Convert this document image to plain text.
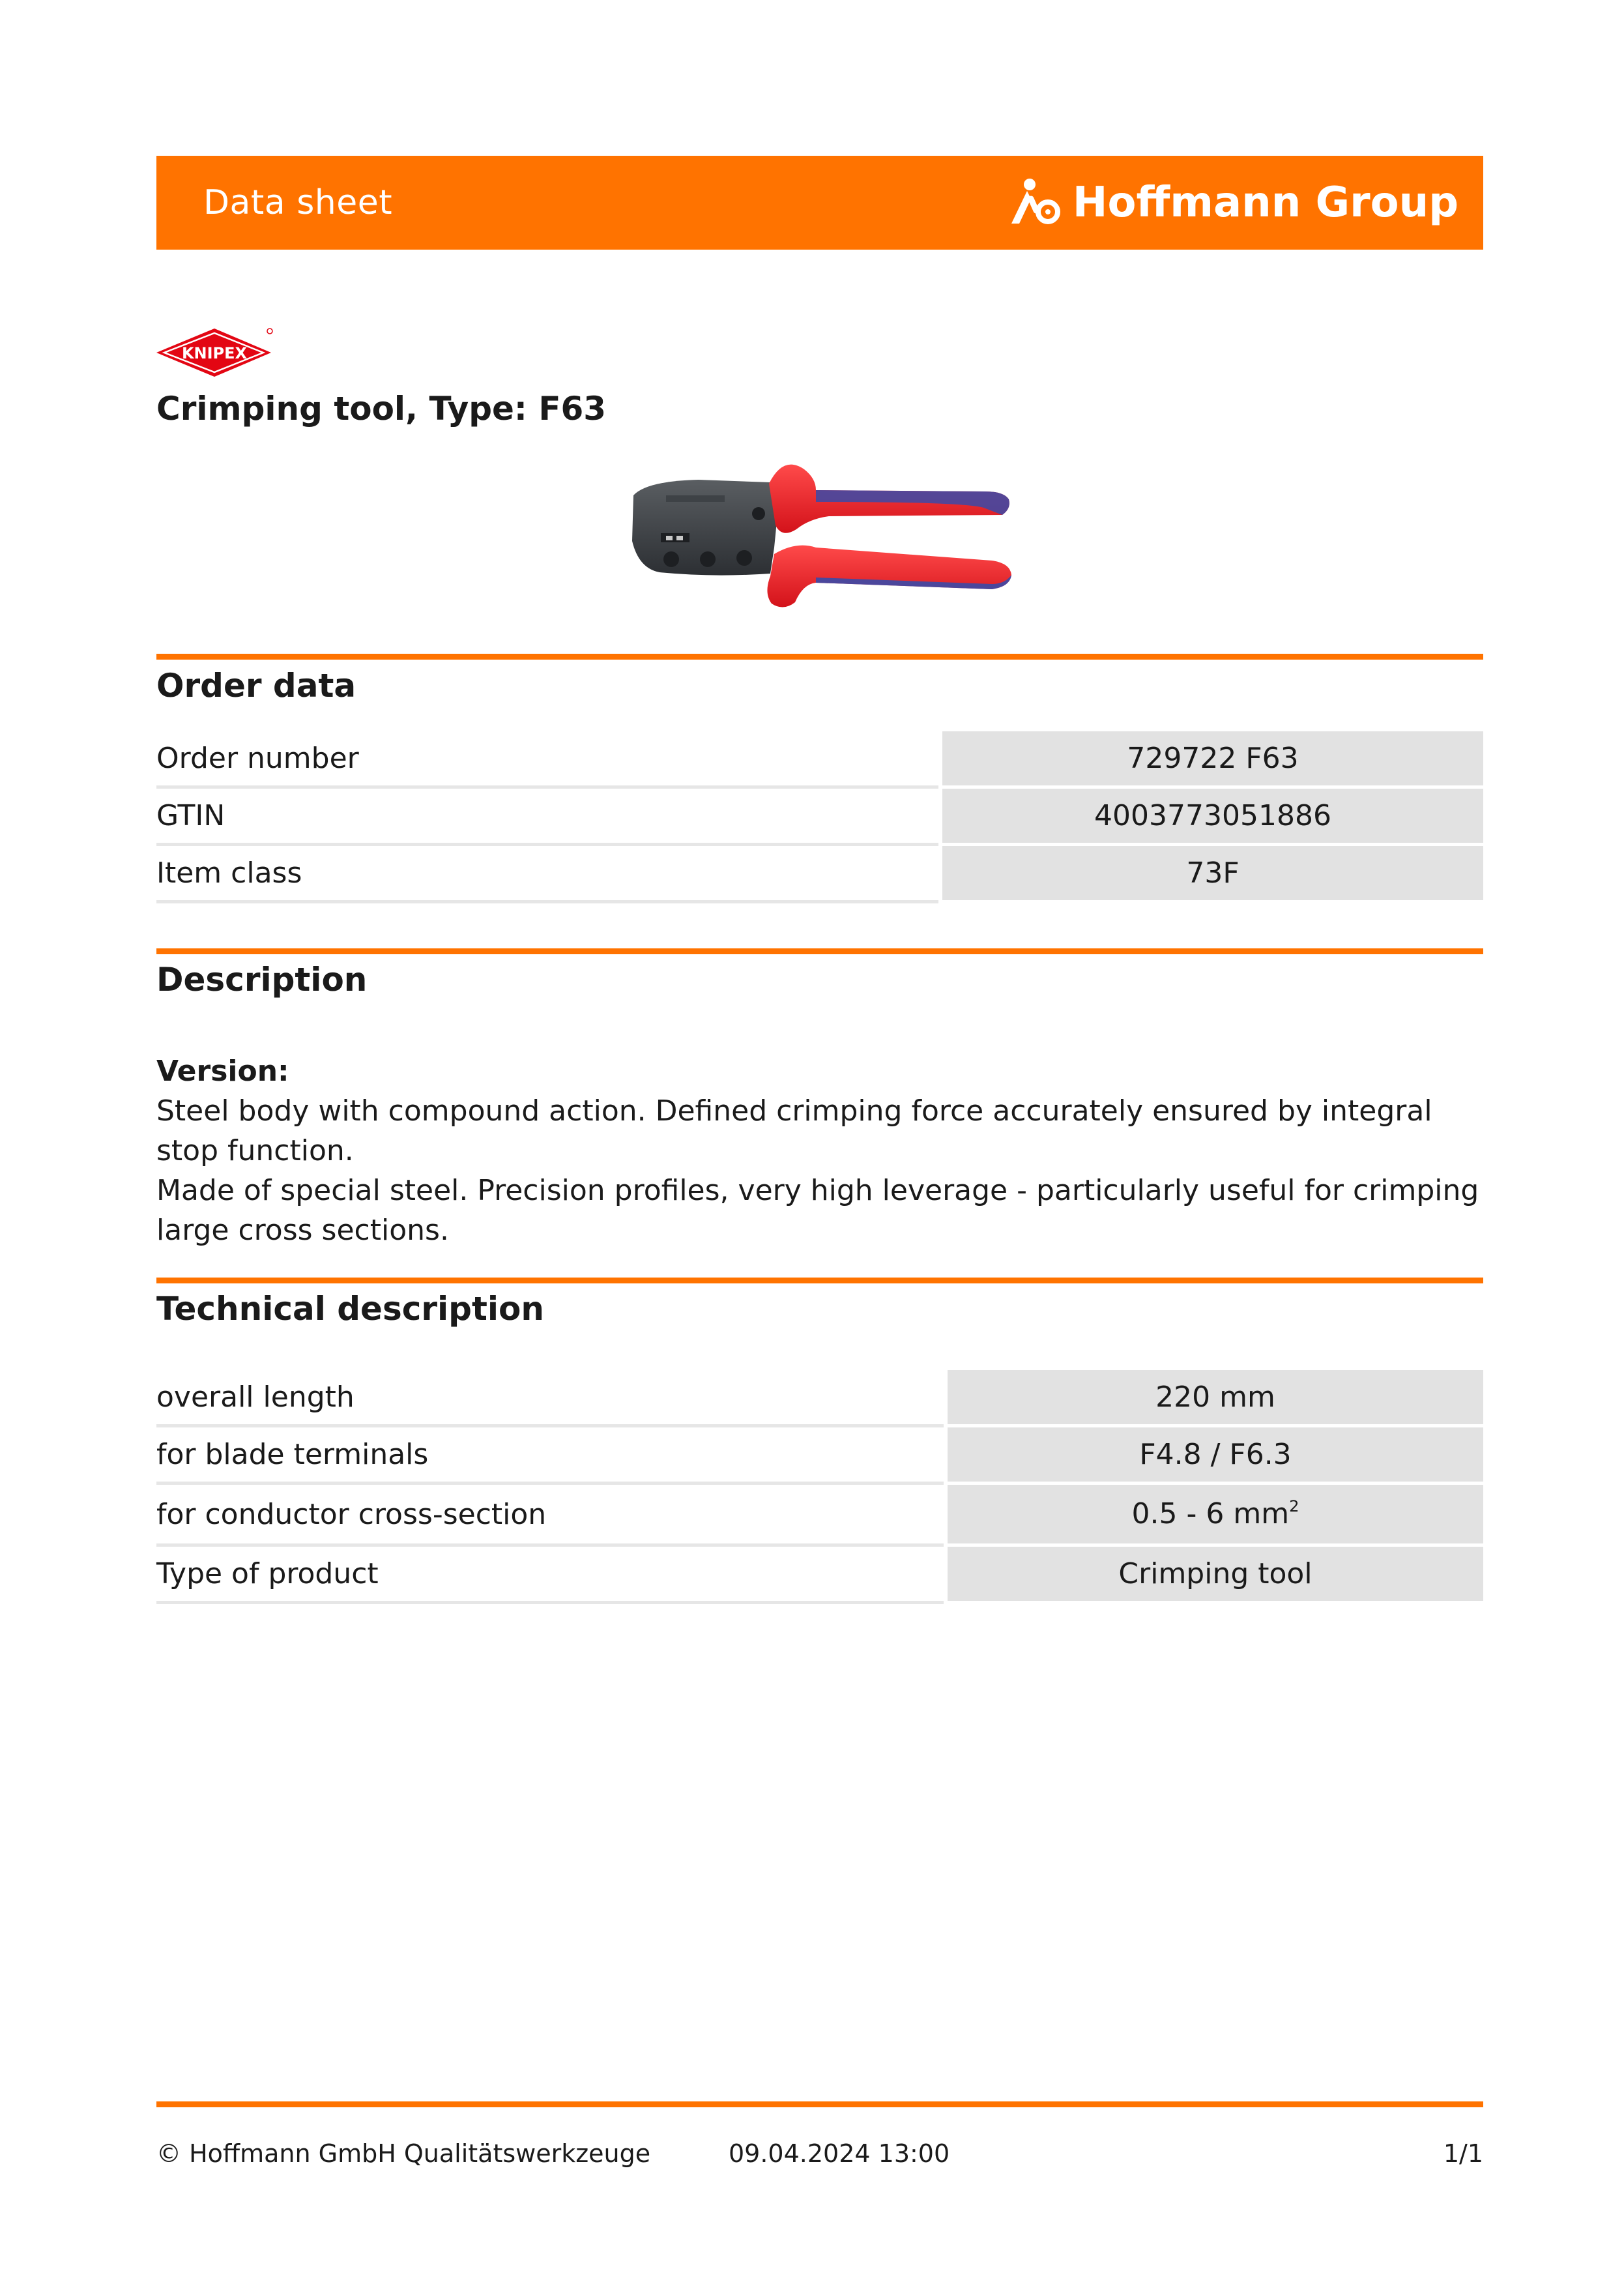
Data sheet	Hoffmann Group
KNIPEX
Crimping tool, Type: F63
Order data
Order number		729722 F63
GTIN		4003773051886
Item class		73F
Description

Version:

Steel body with compound action. Defined crimping force accurately ensured by integral stop function.

Made of special steel. Precision profiles, very high leverage - particularly useful for crimping large cross sections.

Technical description
overall length		220 mm
for blade terminals		F4.8 / F6.3
for conductor cross-section		0.5 - 6 $mm^2$
Type of product		Crimping tool
© Hoffmann GmbH Qualitätswerkzeuge	09.04.2024 13:00	1/1
